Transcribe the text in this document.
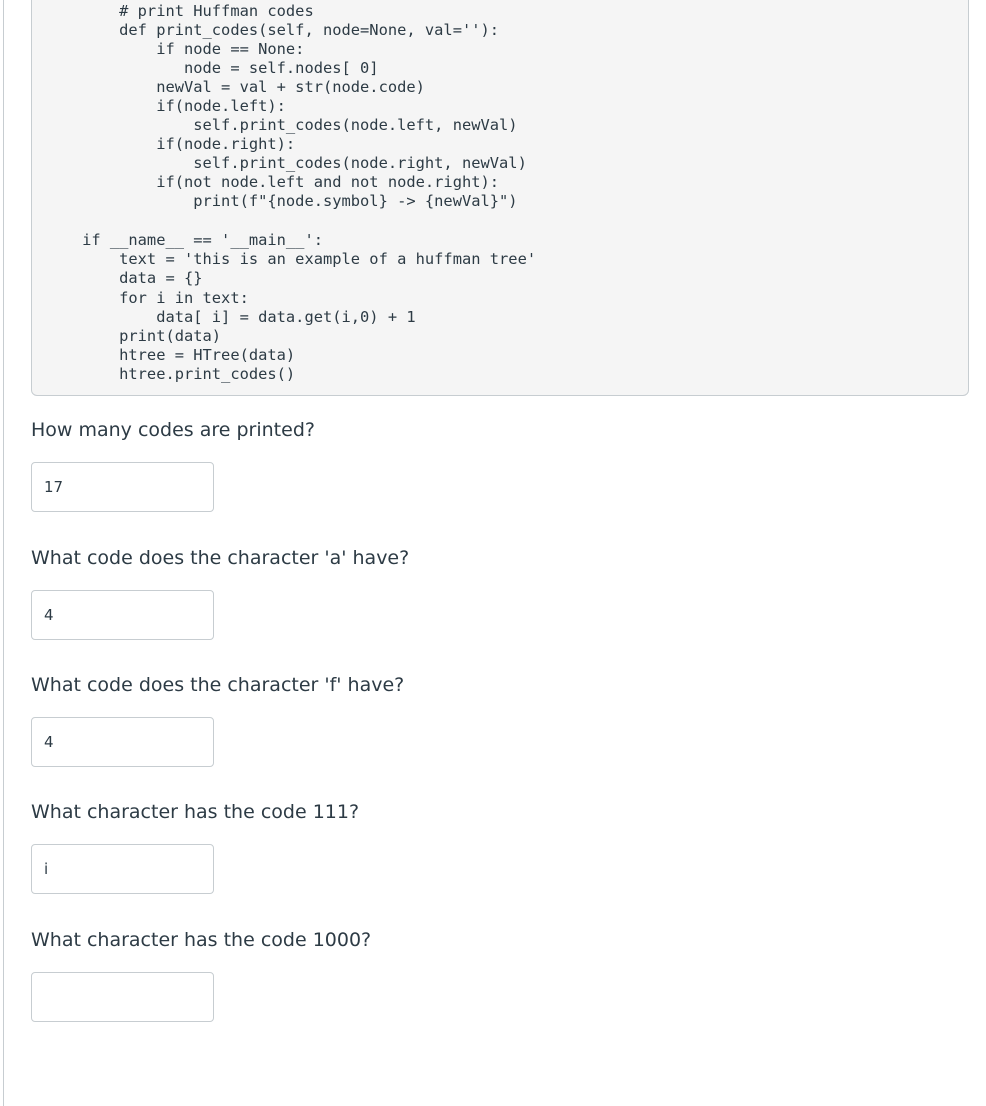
# print Huffman codes
def print_codes(self, node=None, val=''):
if node == None:
node = self.nodes[ 0]
newVal = val + str(node.code)
if(node.left):
self.print_codes(node.left, newVal)
if(node.right):
self.print_codes(node.right, newVal)
if(not node.left and not node.right):
print(f"{node.symbol} -> {newVal}")
if __name__ == '__main__':
text = 'this is an example of a huffman tree'
data = {}
for i in text:
data[ i] = data.get(i,0) + 1
print(data)
htree = HTree(data)
htree.print_codes()
How many codes are printed?
17
What code does the character 'a' have?
4
What code does the character 'f' have?
4
What character has the code 111?
i
What character has the code 1000?
